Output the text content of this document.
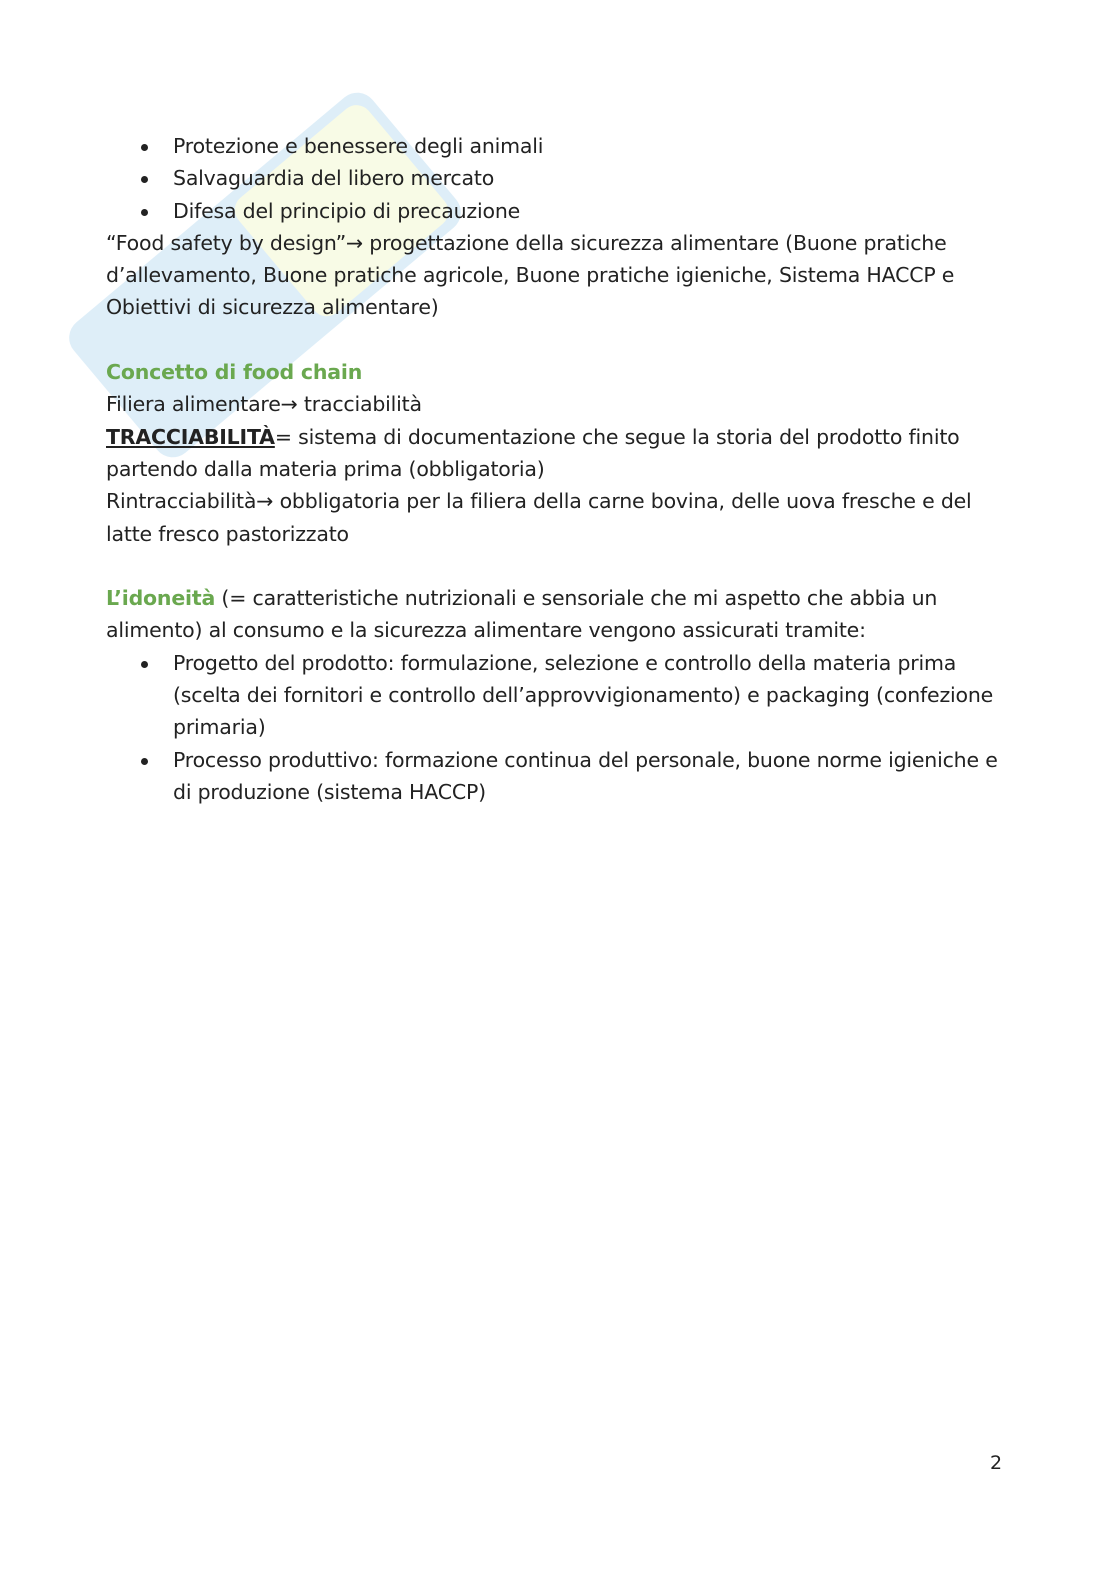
Protezione e benessere degli animali
Salvaguardia del libero mercato
Difesa del principio di precauzione

“Food safety by design”→ progettazione della sicurezza alimentare (Buone pratiche d’allevamento, Buone pratiche agricole, Buone pratiche igieniche, Sistema HACCP e Obiettivi di sicurezza alimentare)

Concetto di food chain

Filiera alimentare→ tracciabilità

TRACCIABILITÀ= sistema di documentazione che segue la storia del prodotto finito partendo dalla materia prima (obbligatoria)

Rintracciabilità→ obbligatoria per la filiera della carne bovina, delle uova fresche e del latte fresco pastorizzato

L’idoneità (= caratteristiche nutrizionali e sensoriale che mi aspetto che abbia un alimento) al consumo e la sicurezza alimentare vengono assicurati tramite:

Progetto del prodotto: formulazione, selezione e controllo della materia prima (scelta dei fornitori e controllo dell’approvvigionamento) e packaging (confezione primaria)
Processo produttivo: formazione continua del personale, buone norme igieniche e di produzione (sistema HACCP)
2
